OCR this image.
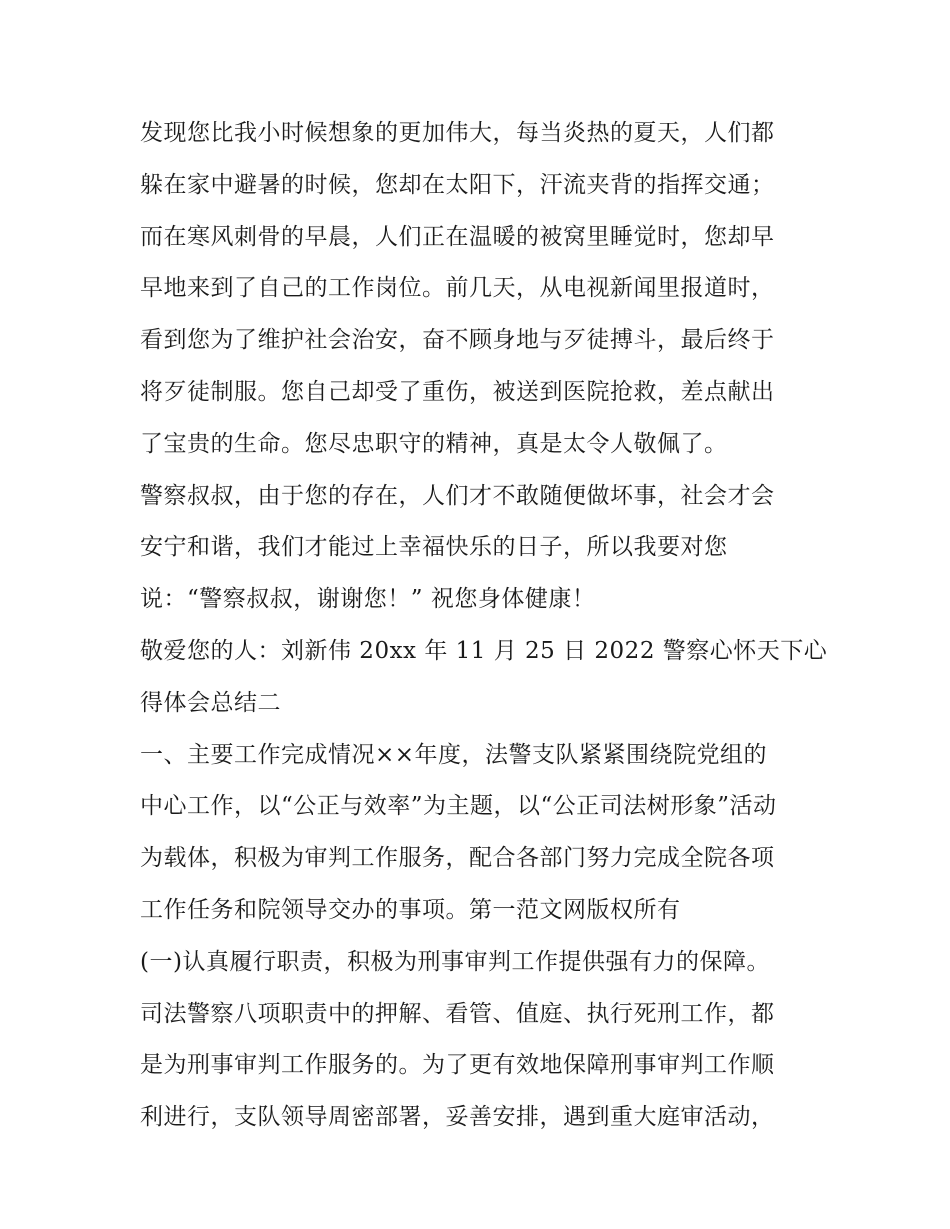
发现您比我小时候想象的更加伟大，每当炎热的夏天，人们都
躲在家中避暑的时候，您却在太阳下，汗流夹背的指挥交通；
而在寒风刺骨的早晨，人们正在温暖的被窝里睡觉时，您却早
早地来到了自己的工作岗位。前几天，从电视新闻里报道时，
看到您为了维护社会治安，奋不顾身地与歹徒搏斗，最后终于
将歹徒制服。您自己却受了重伤，被送到医院抢救，差点献出
了宝贵的生命。您尽忠职守的精神，真是太令人敬佩了。
警察叔叔，由于您的存在，人们才不敢随便做坏事，社会才会
安宁和谐，我们才能过上幸福快乐的日子，所以我要对您
说：“警察叔叔，谢谢您！” 祝您身体健康！
敬爱您的人：刘新伟 20xx 年 11 月 25 日 2022 警察心怀天下心
得体会总结二
一、主要工作完成情况××年度，法警支队紧紧围绕院党组的
中心工作，以“公正与效率”为主题，以“公正司法树形象”活动
为载体，积极为审判工作服务，配合各部门努力完成全院各项
工作任务和院领导交办的事项。第一范文网版权所有
(一)认真履行职责，积极为刑事审判工作提供强有力的保障。
司法警察八项职责中的押解、看管、值庭、执行死刑工作，都
是为刑事审判工作服务的。为了更有效地保障刑事审判工作顺
利进行，支队领导周密部署，妥善安排，遇到重大庭审活动，
